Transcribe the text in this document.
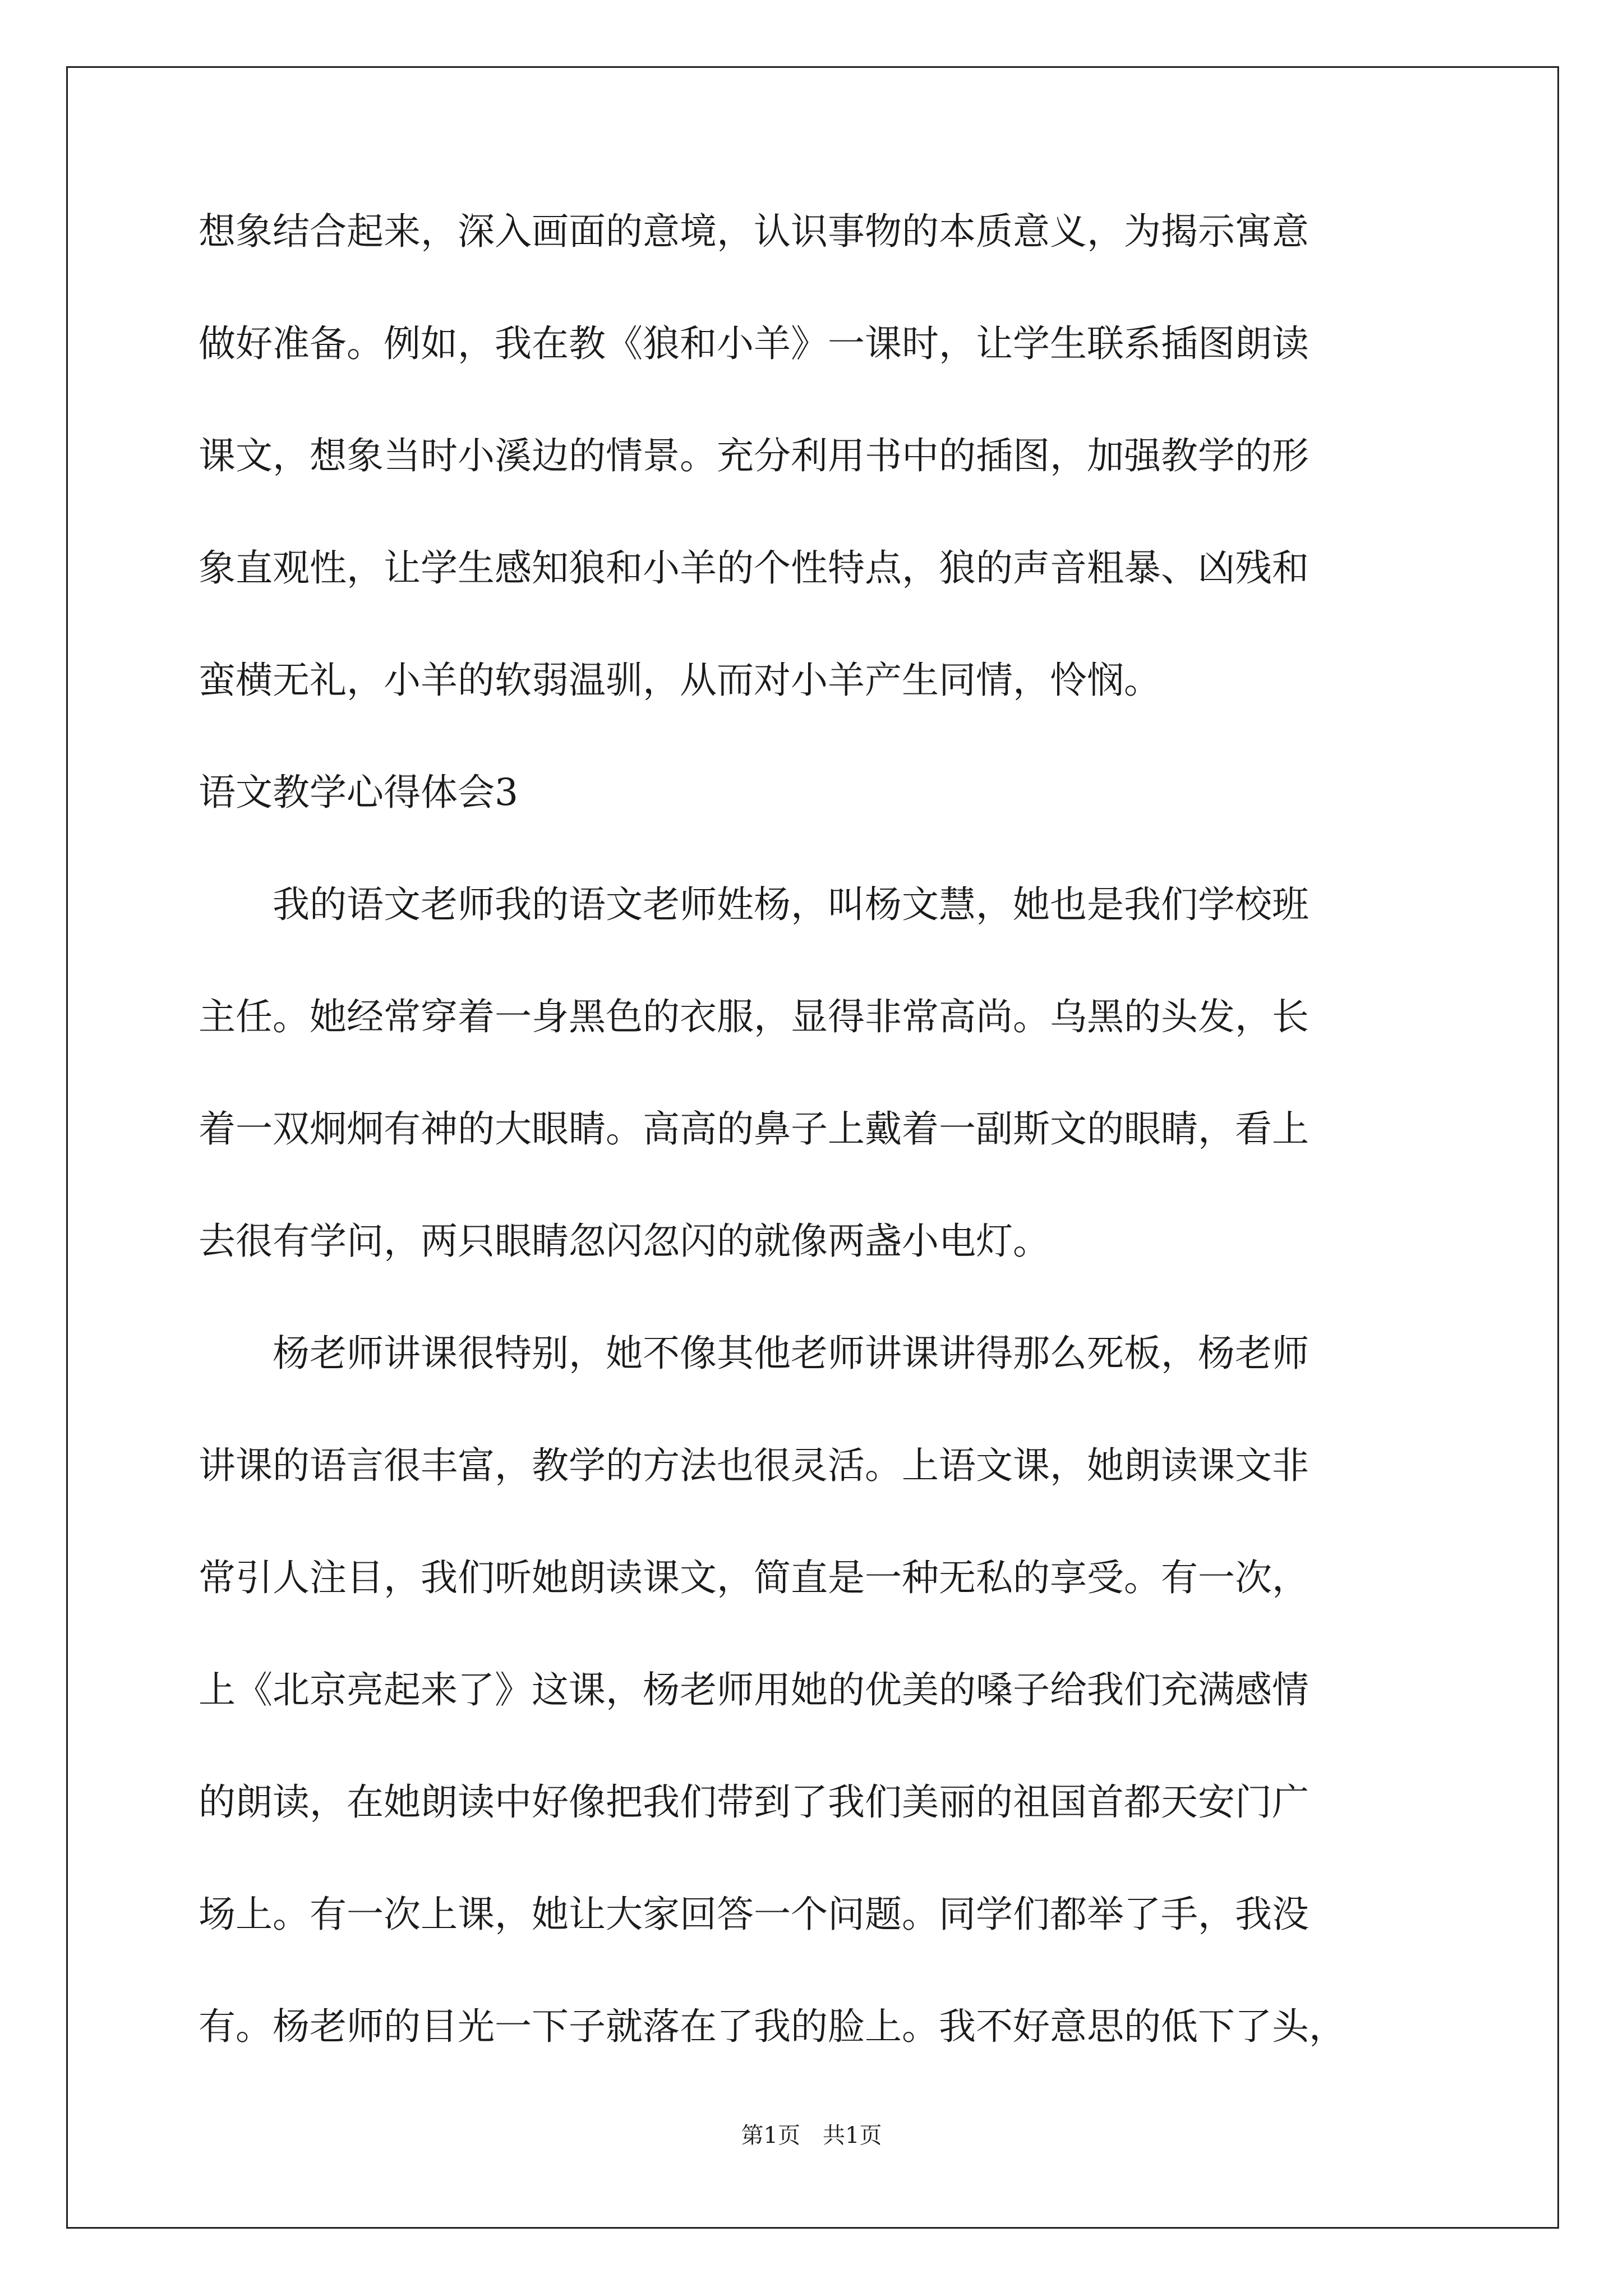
想象结合起来，深入画面的意境，认识事物的本质意义，为揭示寓意
做好准备。例如，我在教《狼和小羊》一课时，让学生联系插图朗读
课文，想象当时小溪边的情景。充分利用书中的插图，加强教学的形
象直观性，让学生感知狼和小羊的个性特点，狼的声音粗暴、凶残和
蛮横无礼，小羊的软弱温驯，从而对小羊产生同情，怜悯。
语文教学心得体会3
　　我的语文老师我的语文老师姓杨，叫杨文慧，她也是我们学校班
主任。她经常穿着一身黑色的衣服，显得非常高尚。乌黑的头发，长
着一双炯炯有神的大眼睛。高高的鼻子上戴着一副斯文的眼睛，看上
去很有学问，两只眼睛忽闪忽闪的就像两盏小电灯。
　　杨老师讲课很特别，她不像其他老师讲课讲得那么死板，杨老师
讲课的语言很丰富，教学的方法也很灵活。上语文课，她朗读课文非
常引人注目，我们听她朗读课文，简直是一种无私的享受。有一次，
上《北京亮起来了》这课，杨老师用她的优美的嗓子给我们充满感情
的朗读，在她朗读中好像把我们带到了我们美丽的祖国首都天安门广
场上。有一次上课，她让大家回答一个问题。同学们都举了手，我没
有。杨老师的目光一下子就落在了我的脸上。我不好意思的低下了头，
第1页　共1页
